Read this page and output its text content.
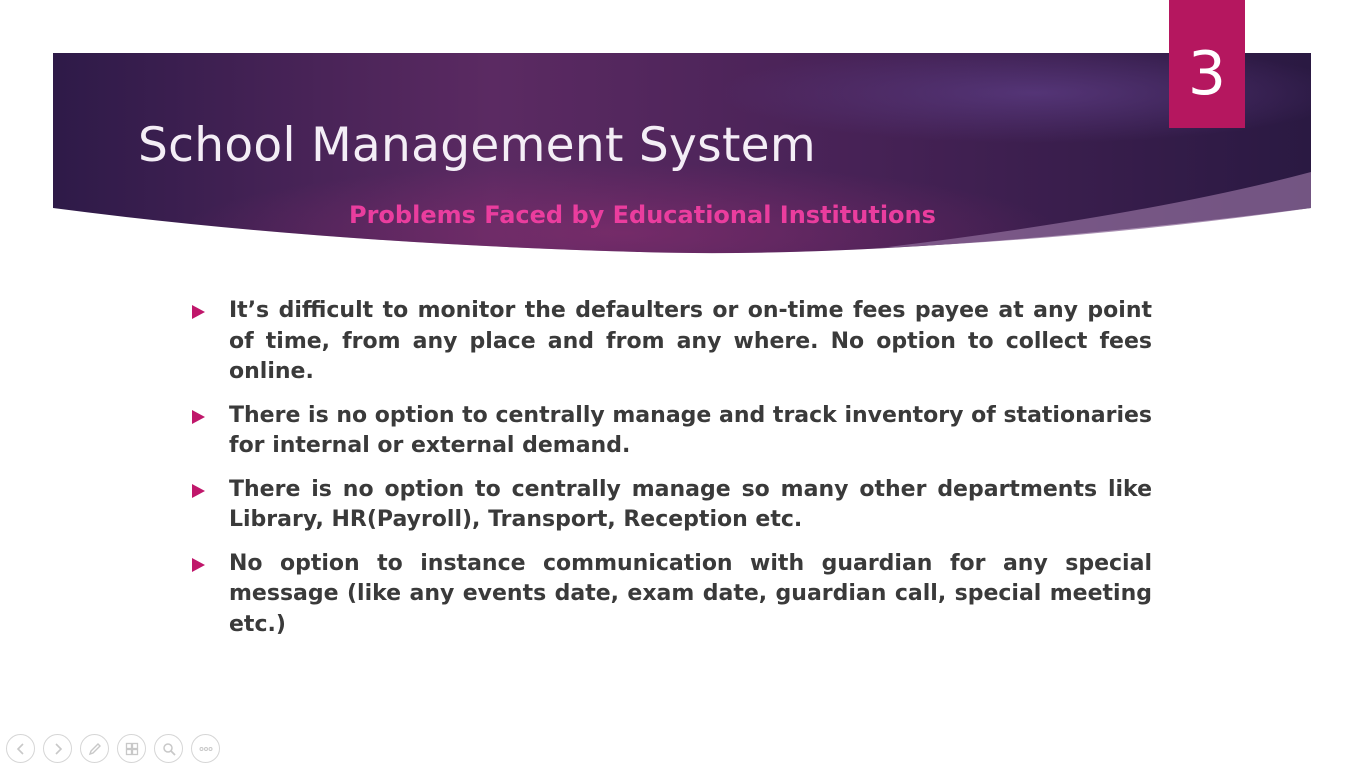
School Management System
Problems Faced by Educational Institutions
3
It’s difficult to monitor the defaulters or on-time fees payee at any point of time, from any place and from any where. No option to collect fees online.
There is no option to centrally manage and track inventory of stationaries for internal or external demand.
There is no option to centrally manage so many other departments like Library, HR(Payroll), Transport, Reception etc.
No option to instance communication with guardian for any special message (like any events date, exam date, guardian call, special meeting etc.)
